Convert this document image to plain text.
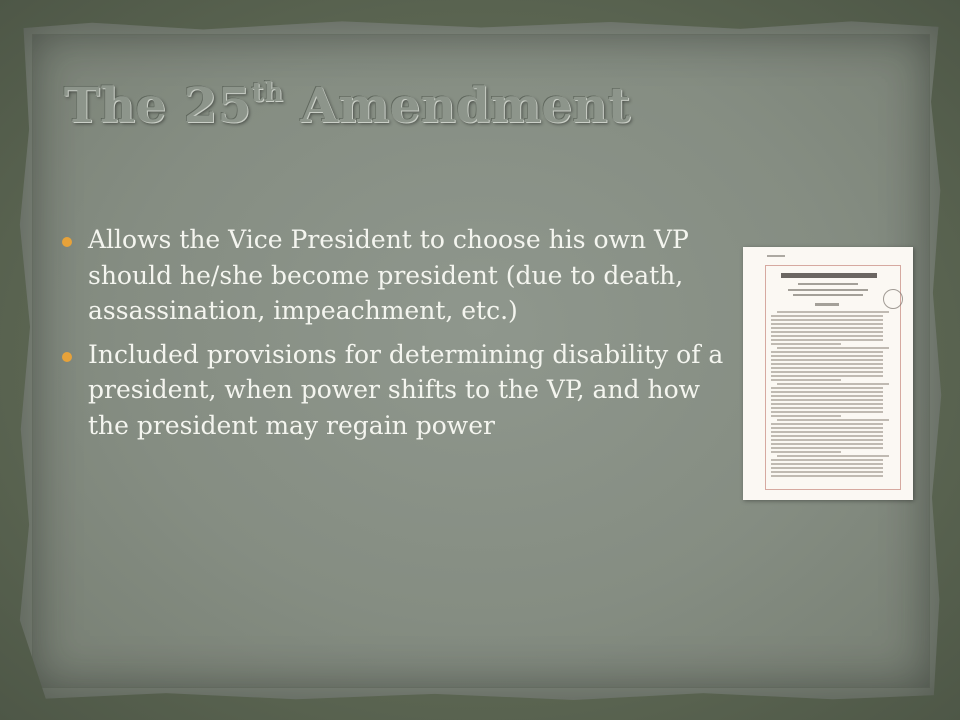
The 25th Amendment
Allows the Vice President to choose his own VP should he/she become president (due to death, assassination, impeachment, etc.)
Included provisions for determining disability of a president, when power shifts to the VP, and how the president may regain power
